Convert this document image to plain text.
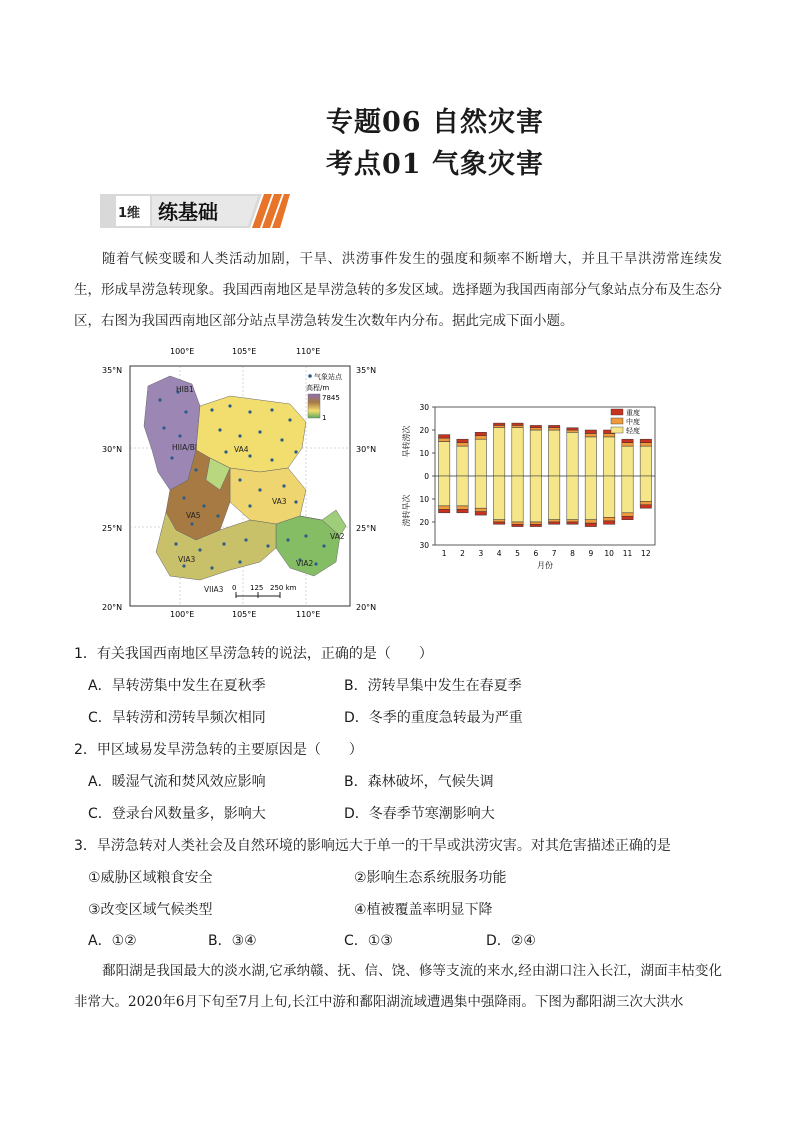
专题06 自然灾害
考点01 气象灾害
1维 练基础
随着气候变暖和人类活动加剧，干旱、洪涝事件发生的强度和频率不断增大，并且干旱洪涝常连续发生，形成旱涝急转现象。我国西南地区是旱涝急转的多发区域。选择题为我国西南部分气象站点分布及生态分区，右图为我国西南地区部分站点旱涝急转发生次数年内分布。据此完成下面小题。
100°E	105°E	110°E
100°E	105°E	110°E
35°N
30°N
25°N
20°N
35°N
30°N
25°N
20°N
HIB1
HIIA/BI	VA4
VA3
VA5
VA2
VIA3	VIA2
VIIA3
气象站点
高程/m
7845
1
0 125 250 km
30
20
10
0
10
20
30
旱转涝次
涝转旱次
1 2 3 4 5 6 7 8 9 10 11 12
月份
重度
中度
轻度
1．有关我国西南地区旱涝急转的说法，正确的是（　　）
A．旱转涝集中发生在夏秋季	B．涝转旱集中发生在春夏季
C．旱转涝和涝转旱频次相同	D．冬季的重度急转最为严重
2．甲区域易发旱涝急转的主要原因是（　　）
A．暖湿气流和焚风效应影响	B．森林破坏，气候失调
C．登录台风数量多，影响大	D．冬春季节寒潮影响大
3．旱涝急转对人类社会及自然环境的影响远大于单一的干旱或洪涝灾害。对其危害描述正确的是
①威胁区域粮食安全	②影响生态系统服务功能
③改变区域气候类型	④植被覆盖率明显下降
A．①②	B．③④	C．①③	D．②④
鄱阳湖是我国最大的淡水湖,它承纳赣、抚、信、饶、修等支流的来水,经由湖口注入长江，湖面丰枯变化非常大。2020年6月下旬至7月上旬,长江中游和鄱阳湖流域遭遇集中强降雨。下图为鄱阳湖三次大洪水
